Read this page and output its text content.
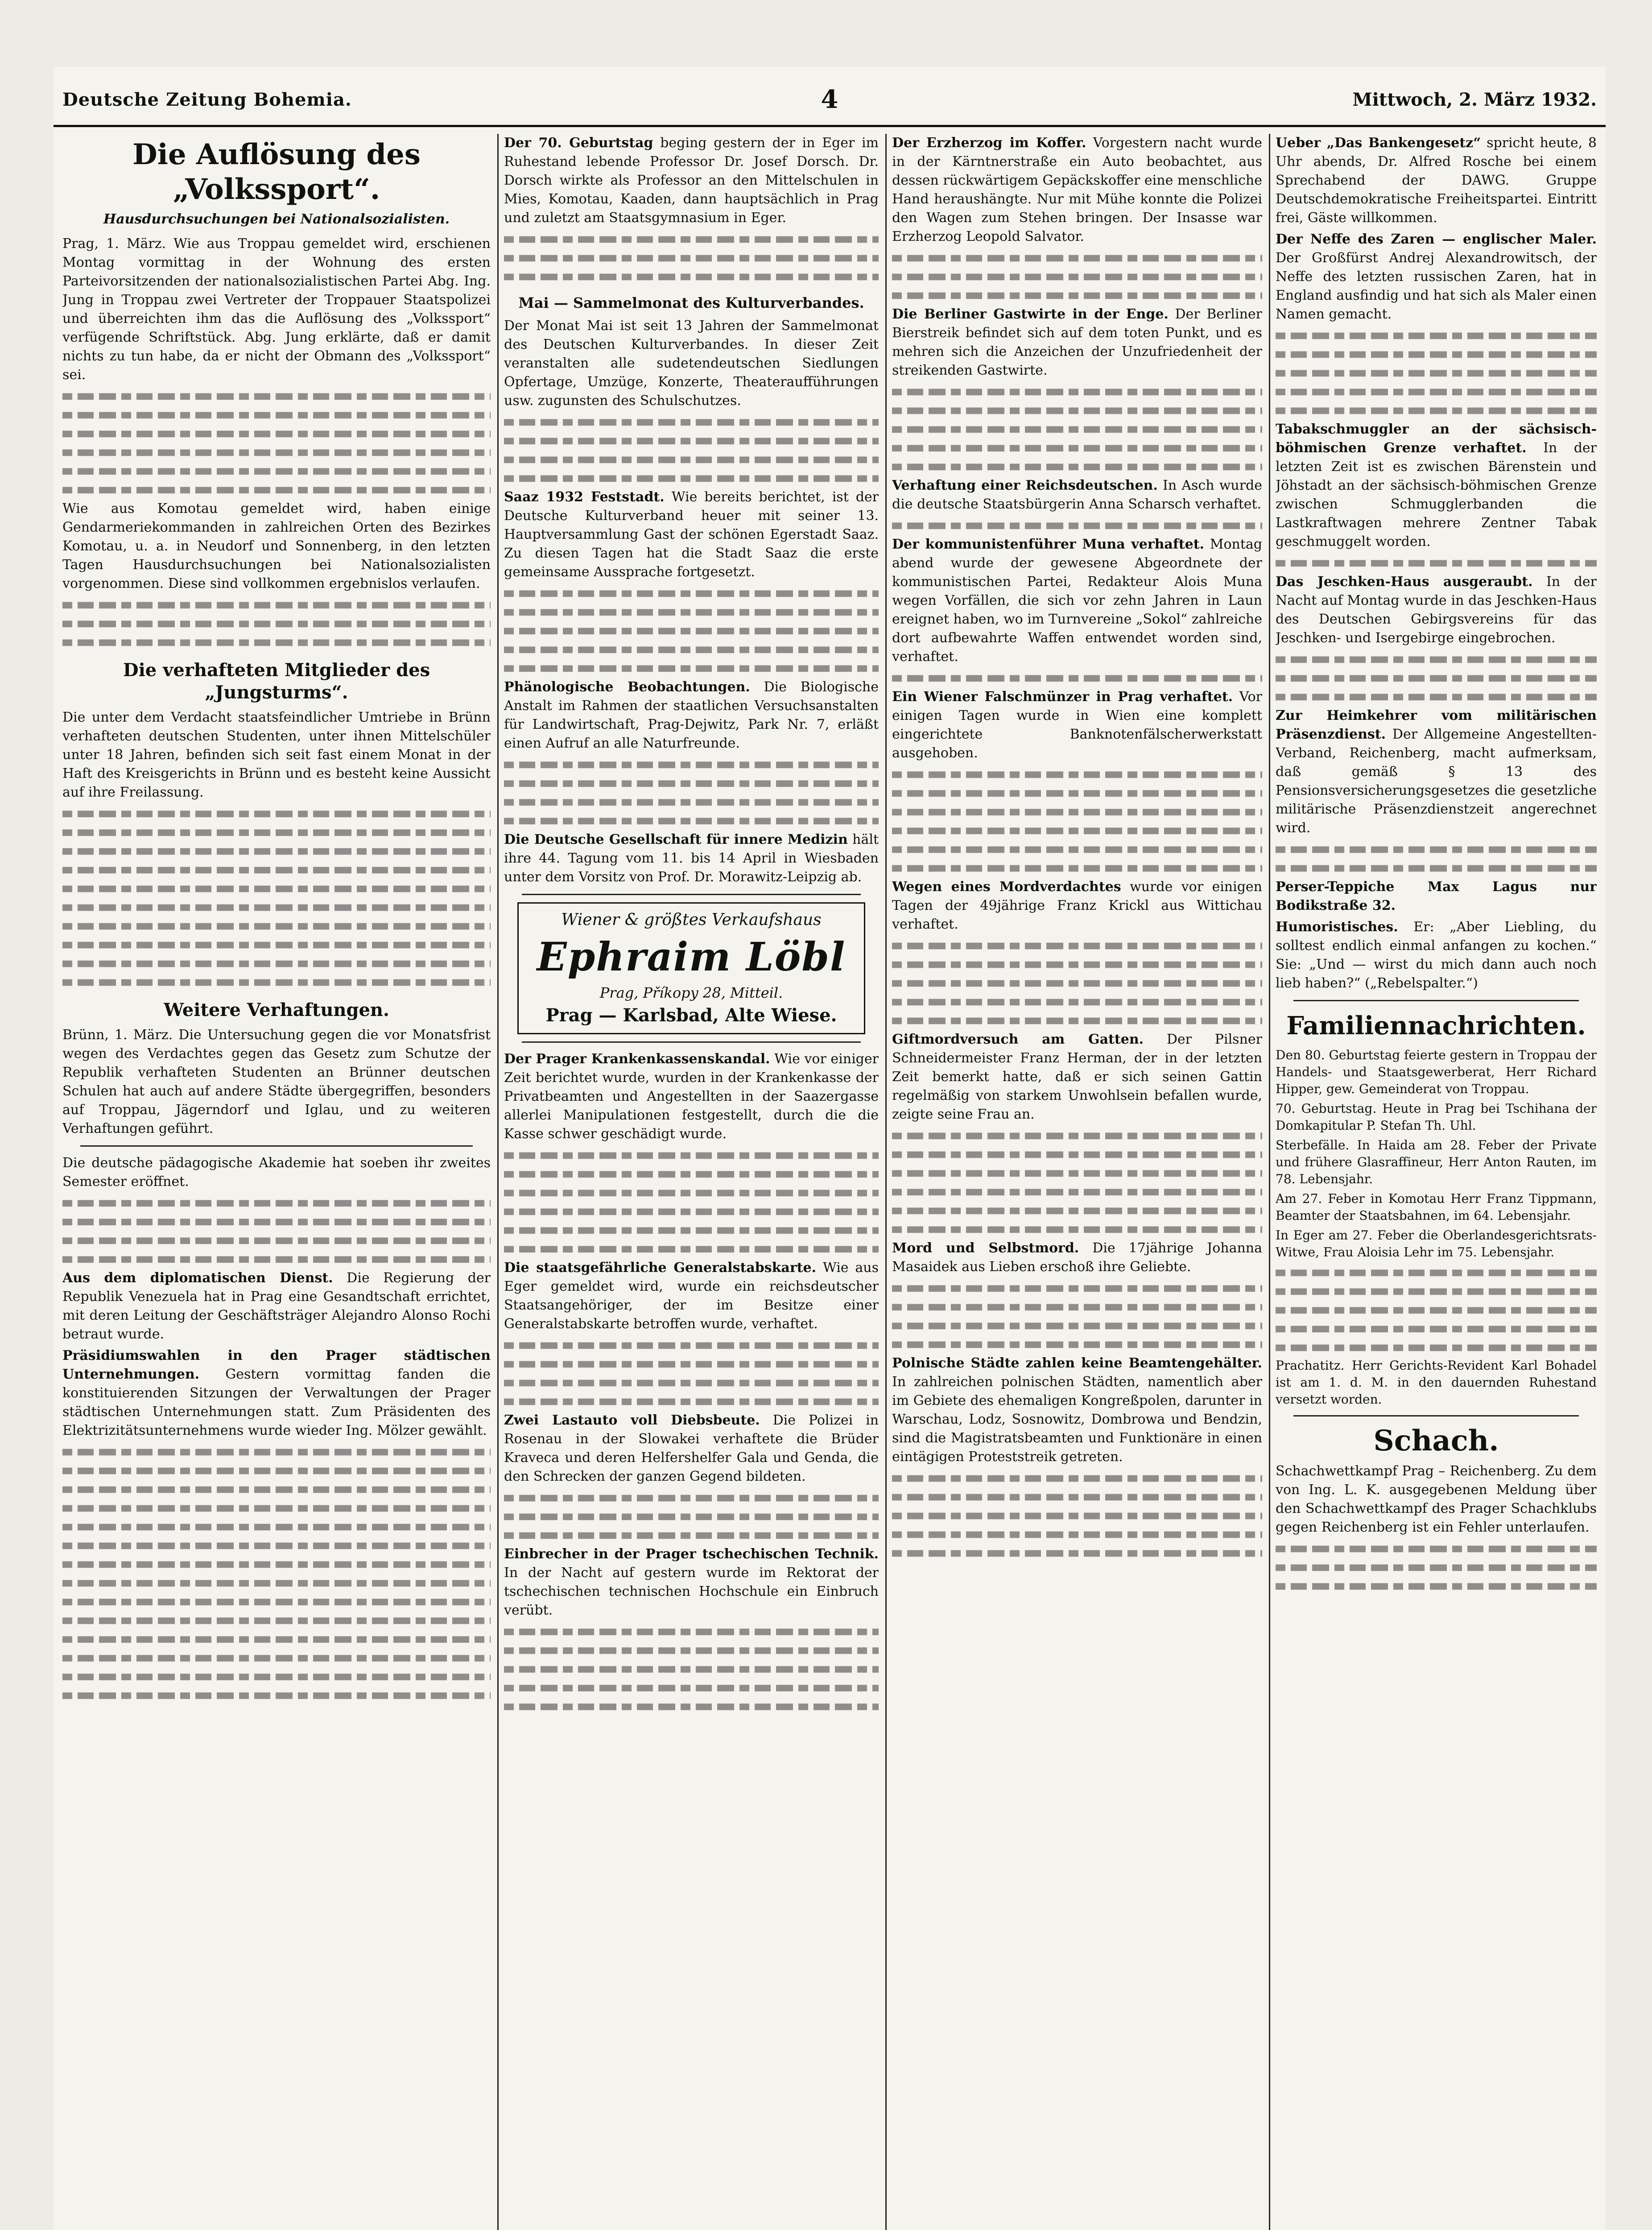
Deutsche Zeitung Bohemia.	4	Mittwoch, 2. März 1932.
Die Auflösung des „Volkssport“.
Hausdurchsuchungen bei Nationalsozialisten.

Prag, 1. März. Wie aus Troppau gemeldet wird, erschienen Montag vormittag in der Wohnung des ersten Parteivorsitzenden der nationalsozialistischen Partei Abg. Ing. Jung in Troppau zwei Vertreter der Troppauer Staatspolizei und überreichten ihm das die Auflösung des „Volkssport“ verfügende Schriftstück. Abg. Jung erklärte, daß er damit nichts zu tun habe, da er nicht der Obmann des „Volkssport“ sei.

Wie aus Komotau gemeldet wird, haben einige Gendarmeriekommanden in zahlreichen Orten des Bezirkes Komotau, u. a. in Neudorf und Sonnenberg, in den letzten Tagen Hausdurchsuchungen bei Nationalsozialisten vorgenommen. Diese sind vollkommen ergebnislos verlaufen.

Die verhafteten Mitglieder des „Jungsturms“.

Die unter dem Verdacht staatsfeindlicher Umtriebe in Brünn verhafteten deutschen Studenten, unter ihnen Mittelschüler unter 18 Jahren, befinden sich seit fast einem Monat in der Haft des Kreisgerichts in Brünn und es besteht keine Aussicht auf ihre Freilassung.

Weitere Verhaftungen.

Brünn, 1. März. Die Untersuchung gegen die vor Monatsfrist wegen des Verdachtes gegen das Gesetz zum Schutze der Republik verhafteten Studenten an Brünner deutschen Schulen hat auch auf andere Städte übergegriffen, besonders auf Troppau, Jägerndorf und Iglau, und zu weiteren Verhaftungen geführt.

Die deutsche pädagogische Akademie hat soeben ihr zweites Semester eröffnet.

Aus dem diplomatischen Dienst. Die Regierung der Republik Venezuela hat in Prag eine Gesandtschaft errichtet, mit deren Leitung der Geschäftsträger Alejandro Alonso Rochi betraut wurde.

Präsidiumswahlen in den Prager städtischen Unternehmungen. Gestern vormittag fanden die konstituierenden Sitzungen der Verwaltungen der Prager städtischen Unternehmungen statt. Zum Präsidenten des Elektrizitätsunternehmens wurde wieder Ing. Mölzer gewählt.

Der 70. Geburtstag beging gestern der in Eger im Ruhestand lebende Professor Dr. Josef Dorsch. Dr. Dorsch wirkte als Professor an den Mittelschulen in Mies, Komotau, Kaaden, dann hauptsächlich in Prag und zuletzt am Staatsgymnasium in Eger.

Mai — Sammelmonat des Kulturverbandes.

Der Monat Mai ist seit 13 Jahren der Sammelmonat des Deutschen Kulturverbandes. In dieser Zeit veranstalten alle sudetendeutschen Siedlungen Opfertage, Umzüge, Konzerte, Theateraufführungen usw. zugunsten des Schulschutzes.

Saaz 1932 Feststadt. Wie bereits berichtet, ist der Deutsche Kulturverband heuer mit seiner 13. Hauptversammlung Gast der schönen Egerstadt Saaz. Zu diesen Tagen hat die Stadt Saaz die erste gemeinsame Aussprache fortgesetzt.

Phänologische Beobachtungen. Die Biologische Anstalt im Rahmen der staatlichen Versuchsanstalten für Landwirtschaft, Prag-Dejwitz, Park Nr. 7, erläßt einen Aufruf an alle Naturfreunde.

Die Deutsche Gesellschaft für innere Medizin hält ihre 44. Tagung vom 11. bis 14 April in Wiesbaden unter dem Vorsitz von Prof. Dr. Morawitz-Leipzig ab.

Wiener & größtes Verkaufshaus
Ephraim Löbl
Prag, Příkopy 28, Mitteil.
Prag — Karlsbad, Alte Wiese.

Der Prager Krankenkassenskandal. Wie vor einiger Zeit berichtet wurde, wurden in der Krankenkasse der Privatbeamten und Angestellten in der Saazergasse allerlei Manipulationen festgestellt, durch die die Kasse schwer geschädigt wurde.

Die staatsgefährliche Generalstabskarte. Wie aus Eger gemeldet wird, wurde ein reichsdeutscher Staatsangehöriger, der im Besitze einer Generalstabskarte betroffen wurde, verhaftet.

Zwei Lastauto voll Diebsbeute. Die Polizei in Rosenau in der Slowakei verhaftete die Brüder Kraveca und deren Helfershelfer Gala und Genda, die den Schrecken der ganzen Gegend bildeten.

Einbrecher in der Prager tschechischen Technik. In der Nacht auf gestern wurde im Rektorat der tschechischen technischen Hochschule ein Einbruch verübt.

Der Erzherzog im Koffer. Vorgestern nacht wurde in der Kärntnerstraße ein Auto beobachtet, aus dessen rückwärtigem Gepäckskoffer eine menschliche Hand heraushängte. Nur mit Mühe konnte die Polizei den Wagen zum Stehen bringen. Der Insasse war Erzherzog Leopold Salvator.

Die Berliner Gastwirte in der Enge. Der Berliner Bierstreik befindet sich auf dem toten Punkt, und es mehren sich die Anzeichen der Unzufriedenheit der streikenden Gastwirte.

Verhaftung einer Reichsdeutschen. In Asch wurde die deutsche Staatsbürgerin Anna Scharsch verhaftet.

Der kommunistenführer Muna verhaftet. Montag abend wurde der gewesene Abgeordnete der kommunistischen Partei, Redakteur Alois Muna wegen Vorfällen, die sich vor zehn Jahren in Laun ereignet haben, wo im Turnvereine „Sokol“ zahlreiche dort aufbewahrte Waffen entwendet worden sind, verhaftet.

Ein Wiener Falschmünzer in Prag verhaftet. Vor einigen Tagen wurde in Wien eine komplett eingerichtete Banknotenfälscherwerkstatt ausgehoben.

Wegen eines Mordverdachtes wurde vor einigen Tagen der 49jährige Franz Krickl aus Wittichau verhaftet.

Giftmordversuch am Gatten. Der Pilsner Schneidermeister Franz Herman, der in der letzten Zeit bemerkt hatte, daß er sich seinen Gattin regelmäßig von starkem Unwohlsein befallen wurde, zeigte seine Frau an.

Mord und Selbstmord. Die 17jährige Johanna Masaidek aus Lieben erschoß ihre Geliebte.

Polnische Städte zahlen keine Beamtengehälter. In zahlreichen polnischen Städten, namentlich aber im Gebiete des ehemaligen Kongreßpolen, darunter in Warschau, Lodz, Sosnowitz, Dombrowa und Bendzin, sind die Magistratsbeamten und Funktionäre in einen eintägigen Proteststreik getreten.

Ueber „Das Bankengesetz“ spricht heute, 8 Uhr abends, Dr. Alfred Rosche bei einem Sprechabend der DAWG. Gruppe Deutschdemokratische Freiheitspartei. Eintritt frei, Gäste willkommen.

Der Neffe des Zaren — englischer Maler. Der Großfürst Andrej Alexandrowitsch, der Neffe des letzten russischen Zaren, hat in England ausfindig und hat sich als Maler einen Namen gemacht.

Tabakschmuggler an der sächsisch-böhmischen Grenze verhaftet. In der letzten Zeit ist es zwischen Bärenstein und Jöhstadt an der sächsisch-böhmischen Grenze zwischen Schmugglerbanden die Lastkraftwagen mehrere Zentner Tabak geschmuggelt worden.

Das Jeschken-Haus ausgeraubt. In der Nacht auf Montag wurde in das Jeschken-Haus des Deutschen Gebirgsvereins für das Jeschken- und Isergebirge eingebrochen.

Zur Heimkehrer vom militärischen Präsenzdienst. Der Allgemeine Angestellten-Verband, Reichenberg, macht aufmerksam, daß gemäß § 13 des Pensionsversicherungsgesetzes die gesetzliche militärische Präsenzdienstzeit angerechnet wird.

Perser-Teppiche Max Lagus nur Bodikstraße 32.

Humoristisches. Er: „Aber Liebling, du solltest endlich einmal anfangen zu kochen.“ Sie: „Und — wirst du mich dann auch noch lieb haben?“ („Rebelspalter.“)

Familiennachrichten.

Den 80. Geburtstag feierte gestern in Troppau der Handels- und Staatsgewerberat, Herr Richard Hipper, gew. Gemeinderat von Troppau.

70. Geburtstag. Heute in Prag bei Tschihana der Domkapitular P. Stefan Th. Uhl.

Sterbefälle. In Haida am 28. Feber der Private und frühere Glasraffineur, Herr Anton Rauten, im 78. Lebensjahr.

Am 27. Feber in Komotau Herr Franz Tippmann, Beamter der Staatsbahnen, im 64. Lebensjahr.

In Eger am 27. Feber die Oberlandesgerichtsrats-Witwe, Frau Aloisia Lehr im 75. Lebensjahr.

Prachatitz. Herr Gerichts-Revident Karl Bohadel ist am 1. d. M. in den dauernden Ruhestand versetzt worden.

Schach.

Schachwettkampf Prag – Reichenberg. Zu dem von Ing. L. K. ausgegebenen Meldung über den Schachwettkampf des Prager Schachklubs gegen Reichenberg ist ein Fehler unterlaufen.
